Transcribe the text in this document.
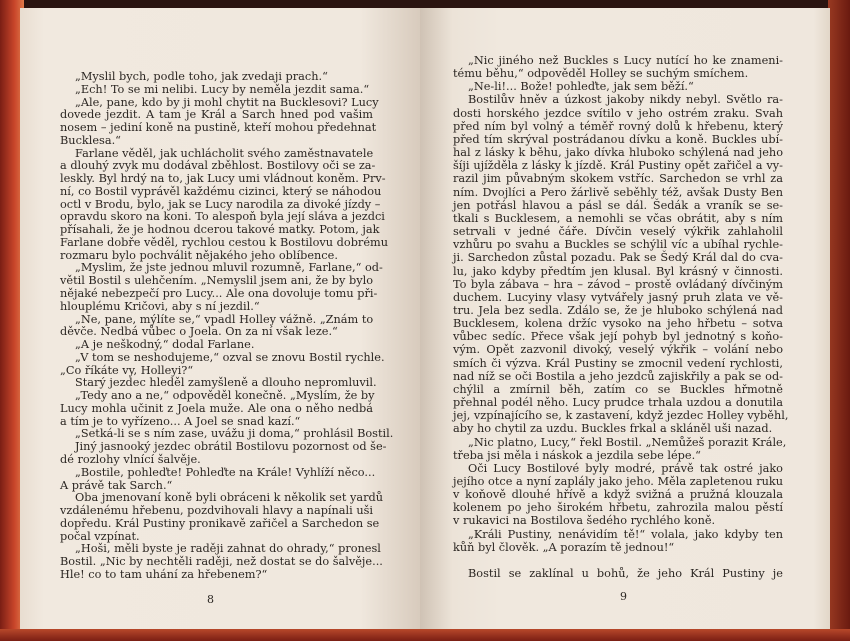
„Myslil bych, podle toho, jak zvedaji prach.“
„Ech! To se mi nelibi. Lucy by neměla jezdit sama.“
„Ale, pane, kdo by ji mohl chytit na Bucklesovi? Lucy
dovede jezdit. A tam je Král a Sarch hned pod vašim
nosem – jediní koně na pustině, kteří mohou předehnat
Bucklesa.“
Farlane věděl, jak uchlácholit svého zaměstnavatele
a dlouhý zvyk mu dodával zběhlost. Bostilovy oči se za-
leskly. Byl hrdý na to, jak Lucy umi vládnout koněm. Prv-
ní, co Bostil vyprávěl každému cizinci, který se náhodou
octl v Brodu, bylo, jak se Lucy narodila za divoké jízdy –
opravdu skoro na koni. To alespoň byla její sláva a jezdci
přísahali, že je hodnou dcerou takové matky. Potom, jak
Farlane dobře věděl, rychlou cestou k Bostilovu dobrému
rozmaru bylo pochválit nějakého jeho oblíbence.
„Myslim, že jste jednou mluvil rozumně, Farlane,“ od-
větil Bostil s ulehčením. „Nemyslil jsem ani, že by bylo
nějaké nebezpečí pro Lucy... Ale ona dovoluje tomu při-
hlouplému Kričovi, aby s ní jezdil.“
„Ne, pane, mýlíte se,“ vpadl Holley vážně. „Znám to
děvče. Nedbá vůbec o Joela. On za ní však leze.“
„A je neškodný,“ dodal Farlane.
„V tom se neshodujeme,“ ozval se znovu Bostil rychle.
„Co říkáte vy, Holleyi?“
Starý jezdec hleděl zamyšleně a dlouho nepromluvil.
„Tedy ano a ne,“ odpověděl konečně. „Myslím, že by
Lucy mohla učinit z Joela muže. Ale ona o něho nedbá
a tím je to vyřízeno... A Joel se snad kazí.“
„Setká-li se s ním zase, uvážu ji doma,“ prohlásil Bostil.
Jiný jasnooký jezdec obrátil Bostilovu pozornost od še-
dé rozlohy vlnící šalvěje.
„Bostile, pohleďte! Pohleďte na Krále! Vyhlíží něco...
A právě tak Sarch.“
Oba jmenovaní koně byli obráceni k několik set yardů
vzdálenému hřebenu, pozdvihovali hlavy a napínali uši
dopředu. Král Pustiny pronikavě zařičel a Sarchedon se
počal vzpínat.
„Hoši, měli byste je raději zahnat do ohrady,“ pronesl
Bostil. „Nic by nechtěli raději, než dostat se do šalvěje...
Hle! co to tam uhání za hřebenem?“
8
„Nic jiného než Buckles s Lucy nutící ho ke znameni-
tému běhu,“ odpověděl Holley se suchým smíchem.
„Ne-li!... Bože! pohleďte, jak sem běží.“
Bostilův hněv a úzkost jakoby nikdy nebyl. Světlo ra-
dosti horského jezdce svítilo v jeho ostrém zraku. Svah
před ním byl volný a téměř rovný dolů k hřebenu, který
před tím skrýval postrádanou dívku a koně. Buckles ubí-
hal z lásky k běhu, jako dívka hluboko schýlená nad jeho
šíji ujížděla z lásky k jízdě. Král Pustiny opět zařičel a vy-
razil jim půvabným skokem vstříc. Sarchedon se vrhl za
ním. Dvojlíci a Pero žárlivě seběhly též, avšak Dusty Ben
jen potřásl hlavou a pásl se dál. Šedák a vraník se se-
tkali s Bucklesem, a nemohli se včas obrátit, aby s ním
setrvali v jedné čáře. Dívčin veselý výkřik zahlaholil
vzhůru po svahu a Buckles se schýlil víc a ubíhal rychle-
ji. Sarchedon zůstal pozadu. Pak se Šedý Král dal do cva-
lu, jako kdyby předtím jen klusal. Byl krásný v činnosti.
To byla zábava – hra – závod – prostě ovládaný dívčiným
duchem. Lucyiny vlasy vytvářely jasný pruh zlata ve vě-
tru. Jela bez sedla. Zdálo se, že je hluboko schýlená nad
Bucklesem, kolena držíc vysoko na jeho hřbetu – sotva
vůbec sedíc. Přece však její pohyb byl jednotný s koňo-
vým. Opět zazvonil divoký, veselý výkřik – volání nebo
smích či výzva. Král Pustiny se zmocnil vedení rychlosti,
nad níž se oči Bostila a jeho jezdců zajiskřily a pak se od-
chýlil a zmírnil běh, zatím co se Buckles hřmotně
přehnal podél něho. Lucy prudce trhala uzdou a donutila
jej, vzpínajícího se, k zastavení, když jezdec Holley vyběhl,
aby ho chytil za uzdu. Buckles frkal a skláněl uši nazad.
„Nic platno, Lucy,“ řekl Bostil. „Nemůžeš porazit Krále,
třeba jsi měla i náskok a jezdila sebe lépe.“
Oči Lucy Bostilové byly modré, právě tak ostré jako
jejího otce a nyní zaplály jako jeho. Měla zapletenou ruku
v koňově dlouhé hřívě a když svižná a pružná klouzala
kolenem po jeho širokém hřbetu, zahrozila malou pěstí
v rukavici na Bostilova šedého rychlého koně.
„Králi Pustiny, nenávidím tě!“ volala, jako kdyby ten
kůň byl člověk. „A porazím tě jednou!“
Bostil se zaklínal u bohů, že jeho Král Pustiny je
9
